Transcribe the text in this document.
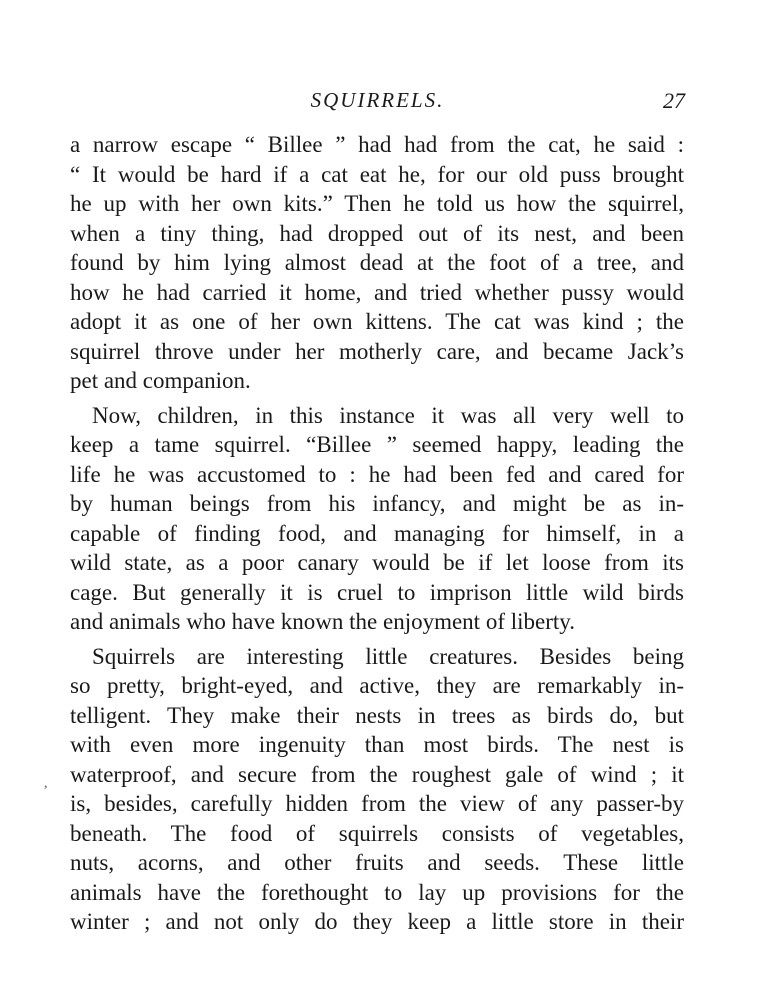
SQUIRRELS.	27
,
a narrow escape “ Billee ” had had from the cat, he said :
“ It would be hard if a cat eat he, for our old puss brought
he up with her own kits.” Then he told us how the squirrel,
when a tiny thing, had dropped out of its nest, and been
found by him lying almost dead at the foot of a tree, and
how he had carried it home, and tried whether pussy would
adopt it as one of her own kittens. The cat was kind ; the
squirrel throve under her motherly care, and became Jack’s
pet and companion.
Now, children, in this instance it was all very well to
keep a tame squirrel. “Billee ” seemed happy, leading the
life he was accustomed to : he had been fed and cared for
by human beings from his infancy, and might be as in-
capable of finding food, and managing for himself, in a
wild state, as a poor canary would be if let loose from its
cage. But generally it is cruel to imprison little wild birds
and animals who have known the enjoyment of liberty.
Squirrels are interesting little creatures. Besides being
so pretty, bright-eyed, and active, they are remarkably in-
telligent. They make their nests in trees as birds do, but
with even more ingenuity than most birds. The nest is
waterproof, and secure from the roughest gale of wind ; it
is, besides, carefully hidden from the view of any passer-by
beneath. The food of squirrels consists of vegetables,
nuts, acorns, and other fruits and seeds. These little
animals have the forethought to lay up provisions for the
winter ; and not only do they keep a little store in their
